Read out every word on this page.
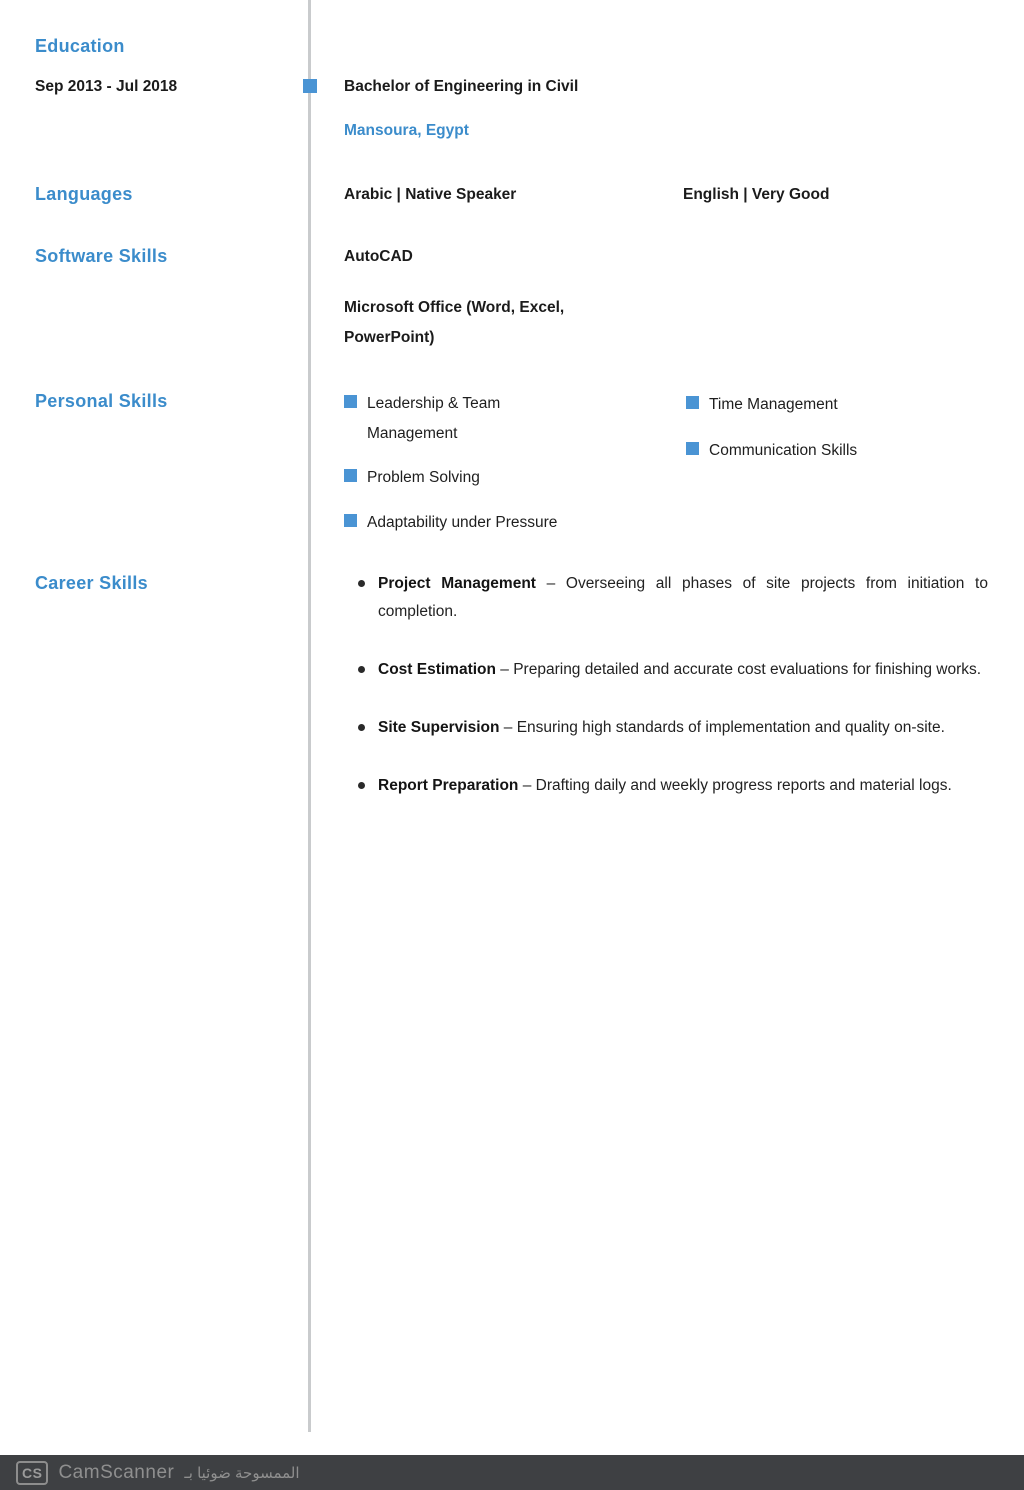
Education
Sep 2013 - Jul 2018	Bachelor of Engineering in Civil
Mansoura, Egypt
Languages	Arabic | Native Speaker	English | Very Good
Software Skills	AutoCAD
Microsoft Office (Word, Excel, PowerPoint)
Personal Skills	Leadership & Team Management
Problem Solving
Adaptability under Pressure
Time Management
Communication Skills
Career Skills	Project Management – Overseeing all phases of site projects from initiation to completion.
Cost Estimation – Preparing detailed and accurate cost evaluations for finishing works.
Site Supervision – Ensuring high standards of implementation and quality on-site.
Report Preparation – Drafting daily and weekly progress reports and material logs.
CS CamScanner الممسوحة ضوئيا بـ
